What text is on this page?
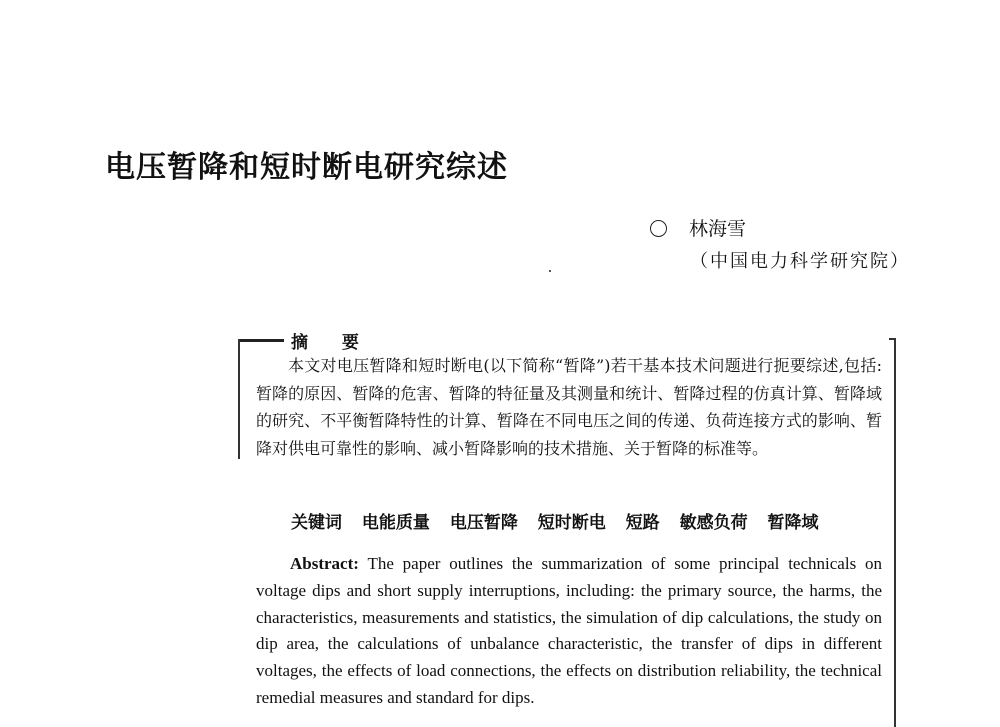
电压暂降和短时断电研究综述
林海雪
（中国电力科学研究院）
摘 要

本文对电压暂降和短时断电(以下简称“暂降”)若干基本技术问题进行扼要综述,包括:暂降的原因、暂降的危害、暂降的特征量及其测量和统计、暂降过程的仿真计算、暂降域的研究、不平衡暂降特性的计算、暂降在不同电压之间的传递、负荷连接方式的影响、暂降对供电可靠性的影响、减小暂降影响的技术措施、关于暂降的标准等。

关键词 电能质量 电压暂降 短时断电 短路 敏感负荷 暂降域

Abstract: The paper outlines the summarization of some principal technicals on voltage dips and short supply interruptions, including: the primary source, the harms, the characteristics, measurements and statistics, the simulation of dip calculations, the study on dip area, the calculations of unbalance characteristic, the transfer of dips in different voltages, the effects of load connections, the effects on distribution reliability, the technical remedial measures and standard for dips.
